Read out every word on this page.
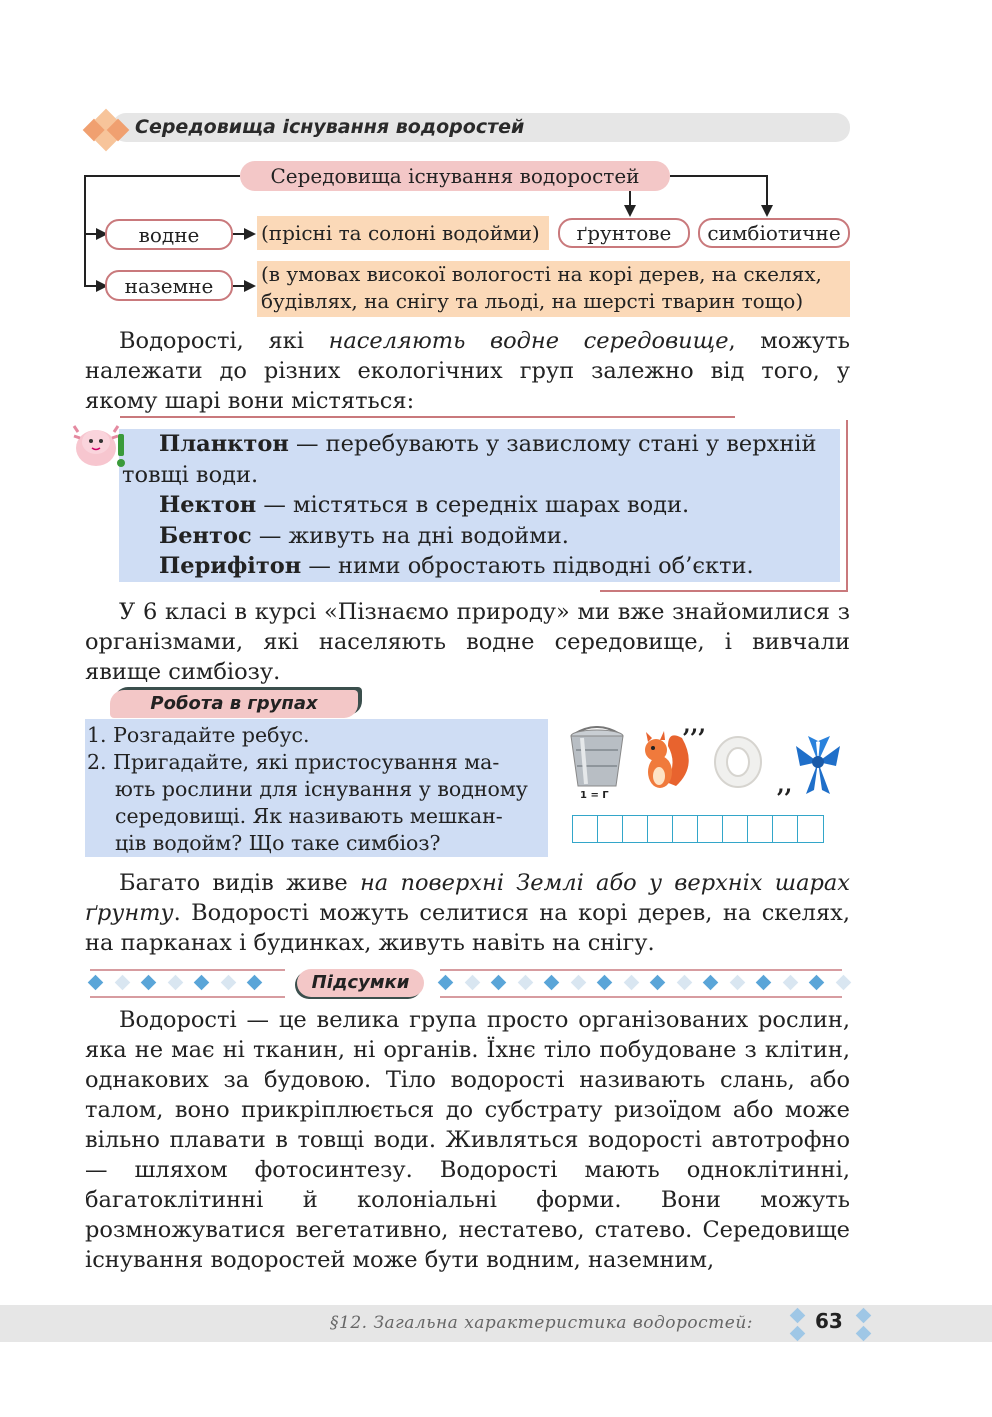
Середовища існування водоростей
Середовища існування водоростей
водне	(прісні та солоні водойми)	ґрунтове	симбіотичне
наземне	(в умовах високої вологості на корі дерев, на скелях,
будівлях, на снігу та льоді, на шерсті тварин тощо)

Водорості, які населяють водне середовище, можуть належати до різних екологічних груп залежно від того, у якому шарі вони містяться:

Планктон — перебувають у завислому стані у верхній
товщі води.
Нектон — містяться в середніх шарах води.
Бентос — живуть на дні водойми.
Перифітон — ними обростають підводні об’єкти.

У 6 класі в курсі «Пізнаємо природу» ми вже знайомилися з організмами, які населяють водне середовище, і вивчали явище симбіозу.

Робота в групах
1. Розгадайте ребус.
2. Пригадайте, які пристосування ма-
ють рослини для існування у водному
середовищі. Як називають мешкан-
ців водойм? Що таке симбіоз?
1 = Г
,,,
,,

Багато видів живе на поверхні Землі або у верхніх шарах ґрунту. Водорості можуть селитися на корі дерев, на скелях, на парканах і будинках, живуть навіть на снігу.

Підсумки

Водорості — це велика група просто організованих рослин, яка не має ні тканин, ні органів. Їхнє тіло побудоване з клітин, однакових за будовою. Тіло водорості називають слань, або талом, воно прикріплюється до субстрату ризоїдом або може вільно плавати в товщі води. Живляться водорості автотрофно — шляхом фотосинтезу. Водорості мають одноклітинні, багатоклітинні й колоніальні форми. Вони можуть розмножуватися вегетативно, нестатево, статево. Середовище існування водоростей може бути водним, наземним,

§12. Загальна характеристика водоростей:	63
